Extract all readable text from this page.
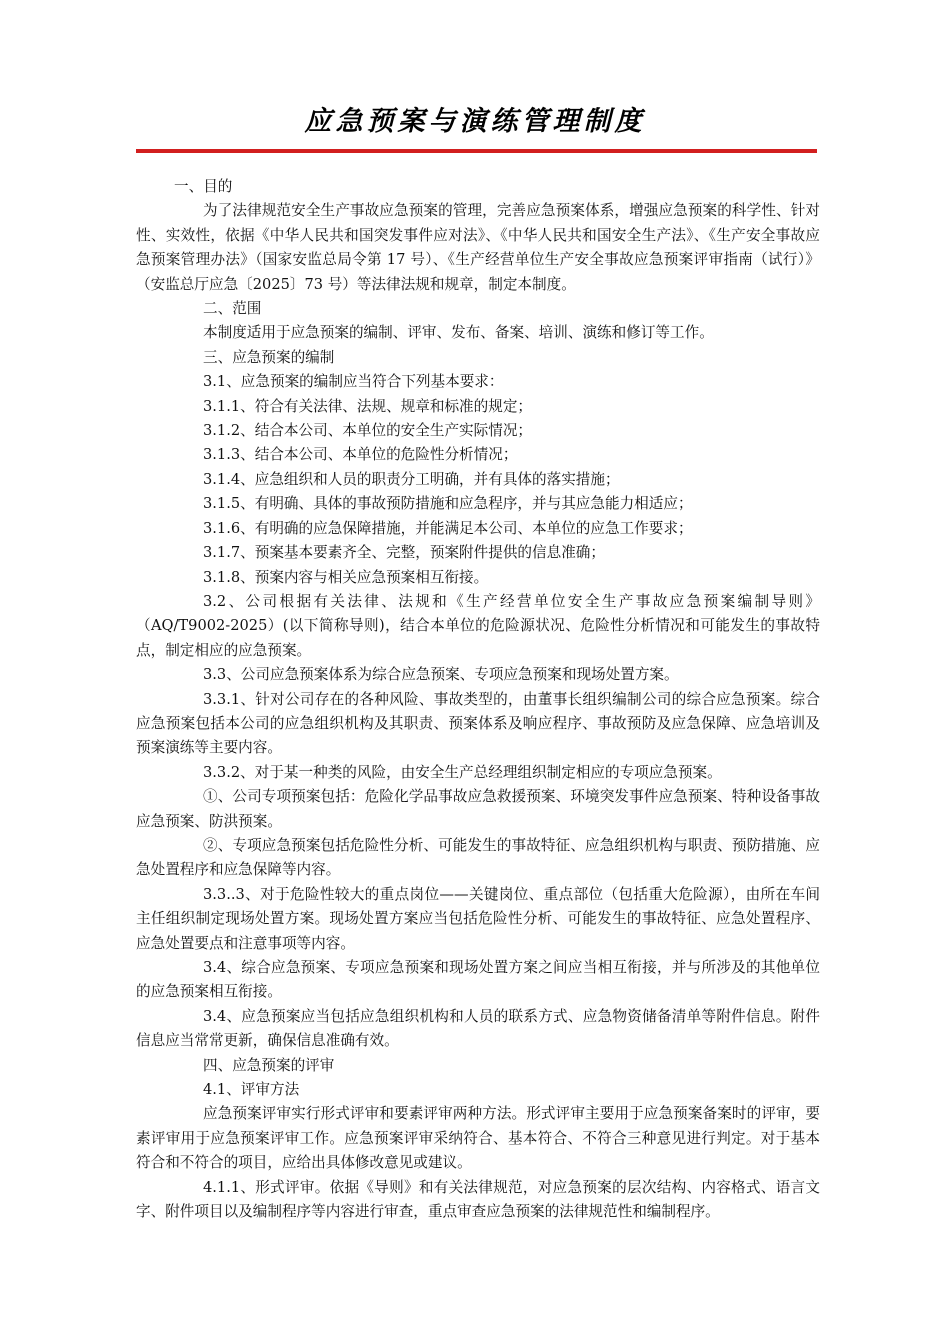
应急预案与演练管理制度

一、目的

为了法律规范安全生产事故应急预案的管理，完善应急预案体系，增强应急预案的科学性、针对性、实效性，依据《中华人民共和国突发事件应对法》、《中华人民共和国安全生产法》、《生产安全事故应急预案管理办法》（国家安监总局令第 17 号）、《生产经营单位生产安全事故应急预案评审指南（试行）》（安监总厅应急〔2025〕73 号）等法律法规和规章，制定本制度。

二、范围

本制度适用于应急预案的编制、评审、发布、备案、培训、演练和修订等工作。

三、应急预案的编制

3.1、应急预案的编制应当符合下列基本要求：

3.1.1、符合有关法律、法规、规章和标准的规定；

3.1.2、结合本公司、本单位的安全生产实际情况；

3.1.3、结合本公司、本单位的危险性分析情况；

3.1.4、应急组织和人员的职责分工明确，并有具体的落实措施；

3.1.5、有明确、具体的事故预防措施和应急程序，并与其应急能力相适应；

3.1.6、有明确的应急保障措施，并能满足本公司、本单位的应急工作要求；

3.1.7、预案基本要素齐全、完整，预案附件提供的信息准确；

3.1.8、预案内容与相关应急预案相互衔接。

3.2、公司根据有关法律、法规和《生产经营单位安全生产事故应急预案编制导则》（AQ/T9002-2025）(以下简称导则)，结合本单位的危险源状况、危险性分析情况和可能发生的事故特点，制定相应的应急预案。

3.3、公司应急预案体系为综合应急预案、专项应急预案和现场处置方案。

3.3.1、针对公司存在的各种风险、事故类型的，由董事长组织编制公司的综合应急预案。综合应急预案包括本公司的应急组织机构及其职责、预案体系及响应程序、事故预防及应急保障、应急培训及预案演练等主要内容。

3.3.2、对于某一种类的风险，由安全生产总经理组织制定相应的专项应急预案。

①、公司专项预案包括：危险化学品事故应急救援预案、环境突发事件应急预案、特种设备事故应急预案、防洪预案。

②、专项应急预案包括危险性分析、可能发生的事故特征、应急组织机构与职责、预防措施、应急处置程序和应急保障等内容。

3.3..3、对于危险性较大的重点岗位——关键岗位、重点部位（包括重大危险源），由所在车间主任组织制定现场处置方案。现场处置方案应当包括危险性分析、可能发生的事故特征、应急处置程序、应急处置要点和注意事项等内容。

3.4、综合应急预案、专项应急预案和现场处置方案之间应当相互衔接，并与所涉及的其他单位的应急预案相互衔接。

3.4、应急预案应当包括应急组织机构和人员的联系方式、应急物资储备清单等附件信息。附件信息应当常常更新，确保信息准确有效。

四、应急预案的评审

4.1、评审方法

应急预案评审实行形式评审和要素评审两种方法。形式评审主要用于应急预案备案时的评审，要素评审用于应急预案评审工作。应急预案评审采纳符合、基本符合、不符合三种意见进行判定。对于基本符合和不符合的项目，应给出具体修改意见或建议。

4.1.1、形式评审。依据《导则》和有关法律规范，对应急预案的层次结构、内容格式、语言文字、附件项目以及编制程序等内容进行审查，重点审查应急预案的法律规范性和编制程序。
